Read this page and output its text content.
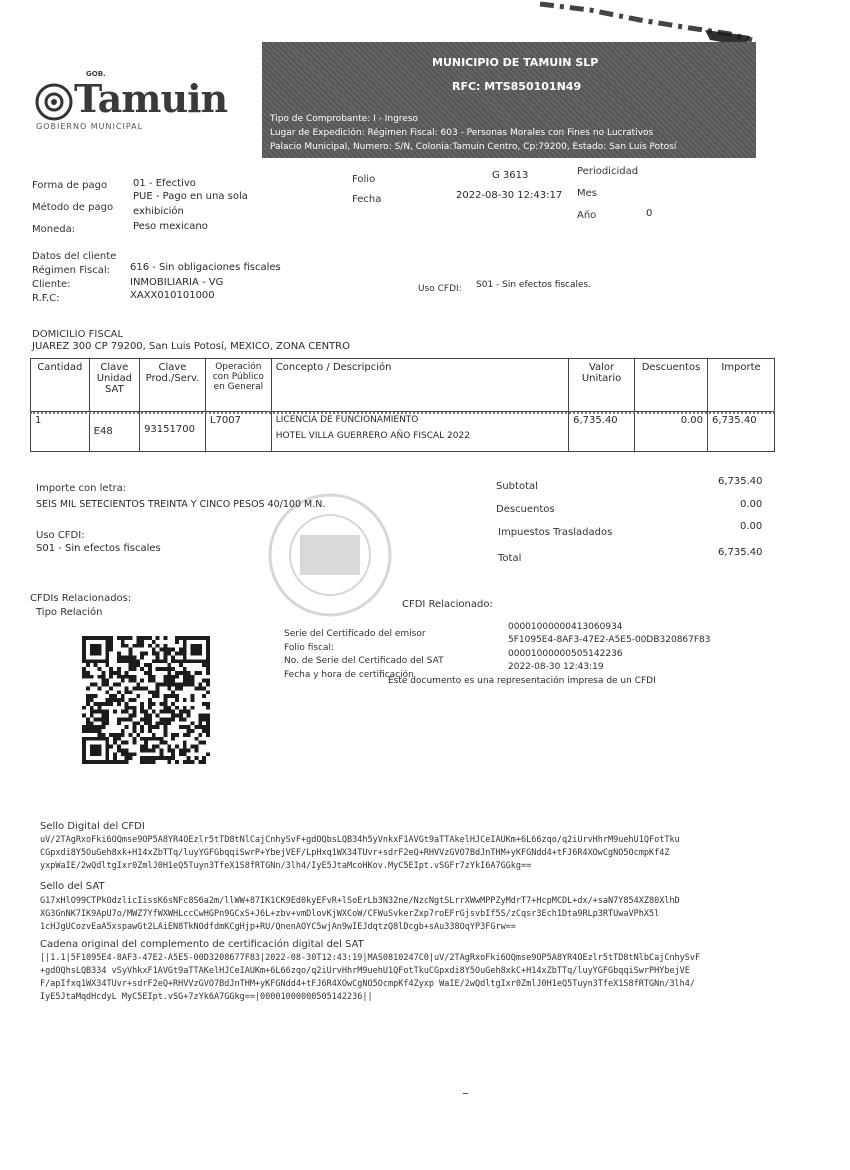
GOB.
Tamuin
GOBIERNO MUNICIPAL
MUNICIPIO DE TAMUIN SLP
RFC: MTS850101N49
Tipo de Comprobante: I - Ingreso
Lugar de Expedición: Régimen Fiscal: 603 - Personas Morales con Fines no Lucrativos
Palacio Municipal, Numero: S/N, Colonia:Tamuin Centro, Cp:79200, Estado: San Luis Potosí
Forma de pago	01 - Efectivo
Método de pago
PUE - Pago en una sola
exhibición
Moneda:	Peso mexicano
Folio	G 3613
Fecha	2022-08-30 12:43:17
Periodicidad
Mes
Año	0
Datos del cliente
Régimen Fiscal: 616 - Sin obligaciones fiscales
Cliente:	INMOBILIARIA - VG
R.F.C:	XAXX010101000
Uso CFDI: S01 - Sin efectos fiscales.
DOMICILIO FISCAL
JUAREZ 300 CP 79200, San Luis Potosí, MEXICO, ZONA CENTRO
Cantidad	Clave Unidad SAT	Clave Prod./Serv.	Operación con Público en General	Concepto / Descripción	Valor Unitario	Descuentos	Importe
1	E48	93151700	L7007	LICENCIA DE FUNCIONAMIENTO
HOTEL VILLA GUERRERO AÑO FISCAL 2022	6,735.40	0.00	6,735.40
Importe con letra:
SEIS MIL SETECIENTOS TREINTA Y CINCO PESOS 40/100 M.N.
Uso CFDI:
S01 - Sin efectos fiscales
Subtotal	6,735.40
Descuentos	0.00
Impuestos Trasladados
0.00
Total
6,735.40
CFDIs Relacionados:
Tipo Relación
CFDI Relacionado:
Serie del Certificado del emisor
00001000000413060934
Folio fiscal:
5F1095E4-8AF3-47E2-A5E5-00DB320867F83
No. de Serie del Certificado del SAT
00001000000505142236
Fecha y hora de certificación
2022-08-30 12:43:19
Este documento es una representación impresa de un CFDI
Sello Digital del CFDI
uV/2TAgRxoFki6OQmse9OP5A8YR4OEzlr5tTD8tNlCajCnhySvF+gdOQbsLQB34h5yVnkxF1AVGt9aTTAkelHJCeIAUKm+6L66zqo/q2iUrvHhrM9uehU1QFotTku
CGpxdi8Y5OuGeh8xk+H14xZbTTq/luyYGFGbqqiSwrP+YbejVEF/LpHxq1WX34TUvr+sdrF2eQ+RHVVzGVO7BdJnTHM+yKFGNdd4+tFJ6R4XOwCgNO5OcmpKf4Z
yxpWaIE/2wQdltgIxr0ZmlJ0H1eQ5Tuyn3TfeX1S8fRTGNn/3lh4/IyE5JtaMcoHKov.MyC5EIpt.vSGFr7zYkI6A7GGkg==
Sello del SAT
G17xHlO99CTPkOdzlicIissK6sNFc8S6a2m/llWW+87IK1CK9Ed0kyEFvR+lSoErLb3N32ne/NzcNgtSLrrXWwMPPZyMdrT7+HcpMCDL+dx/+saN7Y854XZ80XlhD
XG3GnNK7IK9ApU7o/MWZ7YfWXWHLccCwHGPn9GCxS+J6L+zbv+vmDlovKjWXCoW/CFWuSvkerZxp7roEFrGjsvbIf5S/zCqsr3Ech1Dta9RLp3RTUwaVPhX5l
1cHJgUCozvEaA5xspawGt2LAiEN8TkNOdfdmKCgHjp+RU/QnenAOYC5wjAn9wIEJdqtzQ8lDcgb+sAu338OqYP3FGrw==
Cadena original del complemento de certificación digital del SAT
||1.1|5F1095E4-8AF3-47E2-A5E5-00D3208677F83|2022-08-30T12:43:19|MAS0810247C0|uV/2TAgRxoFki6OQmse9OP5A8YR4OEzlr5tTD8tNlbCajCnhySvF
+gdOQhsLQB334 vSyVhkxF1AVGt9aTTAKelHJCeIAUKm+6L66zqo/q2iUrvHhrM9uehU1QFotTkuCGpxdi8Y5OuGeh8xkC+H14xZbTTq/luyYGFGbqqiSwrPHYbejVE
F/apIfxq1WX34TUvr+sdrF2eQ+RHVVzGVO7BdJnTHM+yKFGNdd4+tFJ6R4XOwCgNO5OcmpKf4Zyxp WaIE/2wQdltgIxr0ZmlJ0H1eQ5Tuyn3TfeX1S8fRTGNn/3lh4/
IyE5JtaMqdHcdyL MyC5EIpt.vSG+7zYk6A7GGkg==|00001000000505142236||
